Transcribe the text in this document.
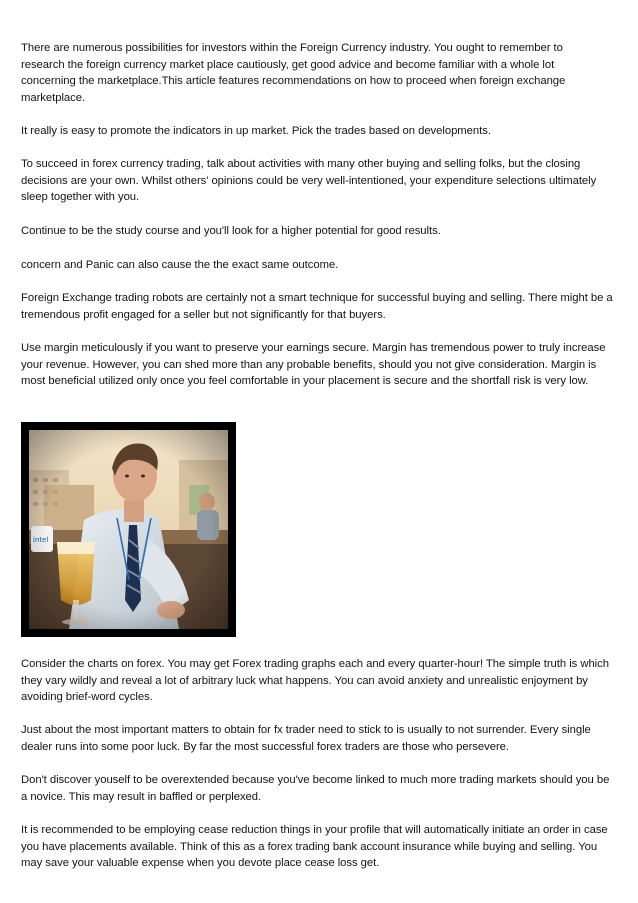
There are numerous possibilities for investors within the Foreign Currency industry. You ought to remember to research the foreign currency market place cautiously, get good advice and become familiar with a whole lot concerning the marketplace.This article features recommendations on how to proceed when foreign exchange marketplace.

It really is easy to promote the indicators in up market. Pick the trades based on developments.

To succeed in forex currency trading, talk about activities with many other buying and selling folks, but the closing decisions are your own. Whilst others' opinions could be very well-intentioned, your expenditure selections ultimately sleep together with you.

Continue to be the study course and you'll look for a higher potential for good results.

concern and Panic can also cause the the exact same outcome.

Foreign Exchange trading robots are certainly not a smart technique for successful buying and selling. There might be a tremendous profit engaged for a seller but not significantly for that buyers.

Use margin meticulously if you want to preserve your earnings secure. Margin has tremendous power to truly increase your revenue. However, you can shed more than any probable benefits, should you not give consideration. Margin is most beneficial utilized only once you feel comfortable in your placement is secure and the shortfall risk is very low.

Consider the charts on forex. You may get Forex trading graphs each and every quarter-hour! The simple truth is which they vary wildly and reveal a lot of arbitrary luck what happens. You can avoid anxiety and unrealistic enjoyment by avoiding brief-word cycles.

Just about the most important matters to obtain for fx trader need to stick to is usually to not surrender. Every single dealer runs into some poor luck. By far the most successful forex traders are those who persevere.

Don't discover youself to be overextended because you've become linked to much more trading markets should you be a novice. This may result in baffled or perplexed.

It is recommended to be employing cease reduction things in your profile that will automatically initiate an order in case you have placements available. Think of this as a forex trading bank account insurance while buying and selling. You may save your valuable expense when you devote place cease loss get.
